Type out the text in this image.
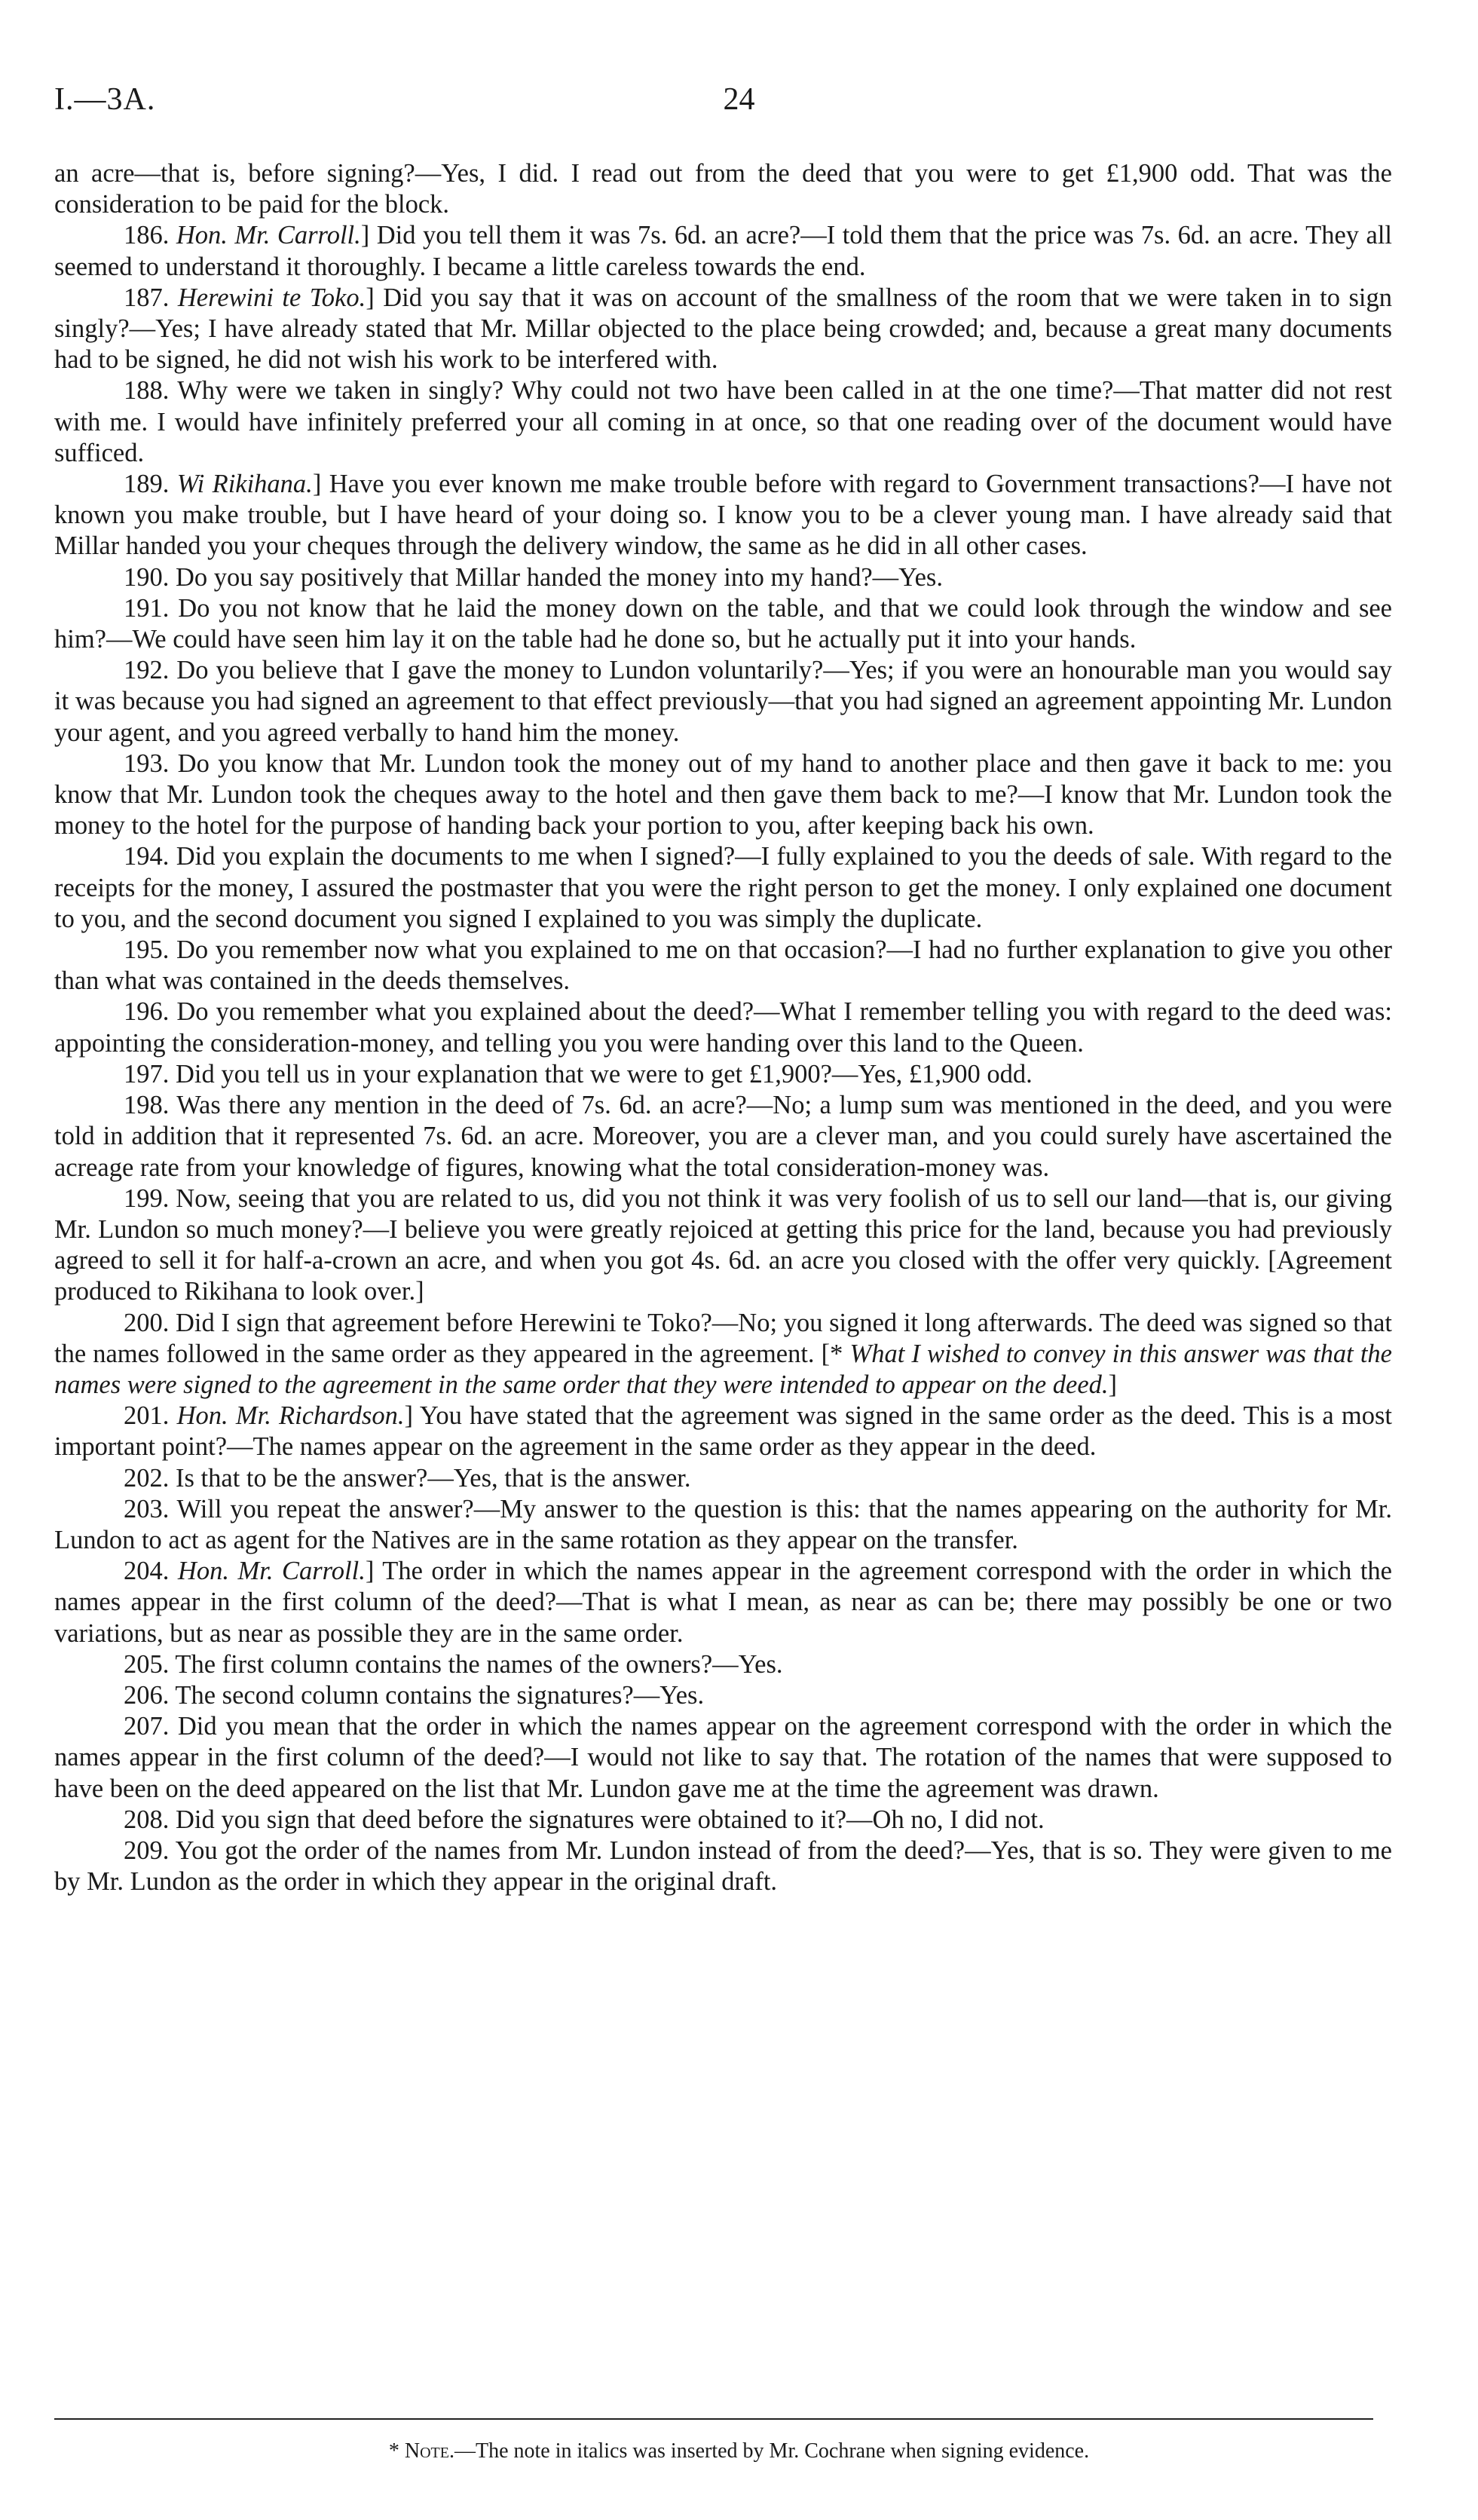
I.—3A.	24

an acre—that is, before signing?—Yes, I did. I read out from the deed that you were to get £1,900 odd. That was the consideration to be paid for the block.

186. Hon. Mr. Carroll.] Did you tell them it was 7s. 6d. an acre?—I told them that the price was 7s. 6d. an acre. They all seemed to understand it thoroughly. I became a little careless towards the end.

187. Herewini te Toko.] Did you say that it was on account of the smallness of the room that we were taken in to sign singly?—Yes; I have already stated that Mr. Millar objected to the place being crowded; and, because a great many documents had to be signed, he did not wish his work to be interfered with.

188. Why were we taken in singly? Why could not two have been called in at the one time?—That matter did not rest with me. I would have infinitely preferred your all coming in at once, so that one reading over of the document would have sufficed.

189. Wi Rikihana.] Have you ever known me make trouble before with regard to Government transactions?—I have not known you make trouble, but I have heard of your doing so. I know you to be a clever young man. I have already said that Millar handed you your cheques through the delivery window, the same as he did in all other cases.

190. Do you say positively that Millar handed the money into my hand?—Yes.

191. Do you not know that he laid the money down on the table, and that we could look through the window and see him?—We could have seen him lay it on the table had he done so, but he actually put it into your hands.

192. Do you believe that I gave the money to Lundon voluntarily?—Yes; if you were an honourable man you would say it was because you had signed an agreement to that effect previously—that you had signed an agreement appointing Mr. Lundon your agent, and you agreed verbally to hand him the money.

193. Do you know that Mr. Lundon took the money out of my hand to another place and then gave it back to me: you know that Mr. Lundon took the cheques away to the hotel and then gave them back to me?—I know that Mr. Lundon took the money to the hotel for the purpose of handing back your portion to you, after keeping back his own.

194. Did you explain the documents to me when I signed?—I fully explained to you the deeds of sale. With regard to the receipts for the money, I assured the postmaster that you were the right person to get the money. I only explained one document to you, and the second document you signed I explained to you was simply the duplicate.

195. Do you remember now what you explained to me on that occasion?—I had no further explanation to give you other than what was contained in the deeds themselves.

196. Do you remember what you explained about the deed?—What I remember telling you with regard to the deed was: appointing the consideration-money, and telling you you were handing over this land to the Queen.

197. Did you tell us in your explanation that we were to get £1,900?—Yes, £1,900 odd.

198. Was there any mention in the deed of 7s. 6d. an acre?—No; a lump sum was mentioned in the deed, and you were told in addition that it represented 7s. 6d. an acre. Moreover, you are a clever man, and you could surely have ascertained the acreage rate from your knowledge of figures, knowing what the total consideration-money was.

199. Now, seeing that you are related to us, did you not think it was very foolish of us to sell our land—that is, our giving Mr. Lundon so much money?—I believe you were greatly rejoiced at getting this price for the land, because you had previously agreed to sell it for half-a-crown an acre, and when you got 4s. 6d. an acre you closed with the offer very quickly. [Agreement produced to Rikihana to look over.]

200. Did I sign that agreement before Herewini te Toko?—No; you signed it long afterwards. The deed was signed so that the names followed in the same order as they appeared in the agreement. [* What I wished to convey in this answer was that the names were signed to the agreement in the same order that they were intended to appear on the deed.]

201. Hon. Mr. Richardson.] You have stated that the agreement was signed in the same order as the deed. This is a most important point?—The names appear on the agreement in the same order as they appear in the deed.

202. Is that to be the answer?—Yes, that is the answer.

203. Will you repeat the answer?—My answer to the question is this: that the names appearing on the authority for Mr. Lundon to act as agent for the Natives are in the same rotation as they appear on the transfer.

204. Hon. Mr. Carroll.] The order in which the names appear in the agreement correspond with the order in which the names appear in the first column of the deed?—That is what I mean, as near as can be; there may possibly be one or two variations, but as near as possible they are in the same order.

205. The first column contains the names of the owners?—Yes.

206. The second column contains the signatures?—Yes.

207. Did you mean that the order in which the names appear on the agreement correspond with the order in which the names appear in the first column of the deed?—I would not like to say that. The rotation of the names that were supposed to have been on the deed appeared on the list that Mr. Lundon gave me at the time the agreement was drawn.

208. Did you sign that deed before the signatures were obtained to it?—Oh no, I did not.

209. You got the order of the names from Mr. Lundon instead of from the deed?—Yes, that is so. They were given to me by Mr. Lundon as the order in which they appear in the original draft.

* Note.—The note in italics was inserted by Mr. Cochrane when signing evidence.
